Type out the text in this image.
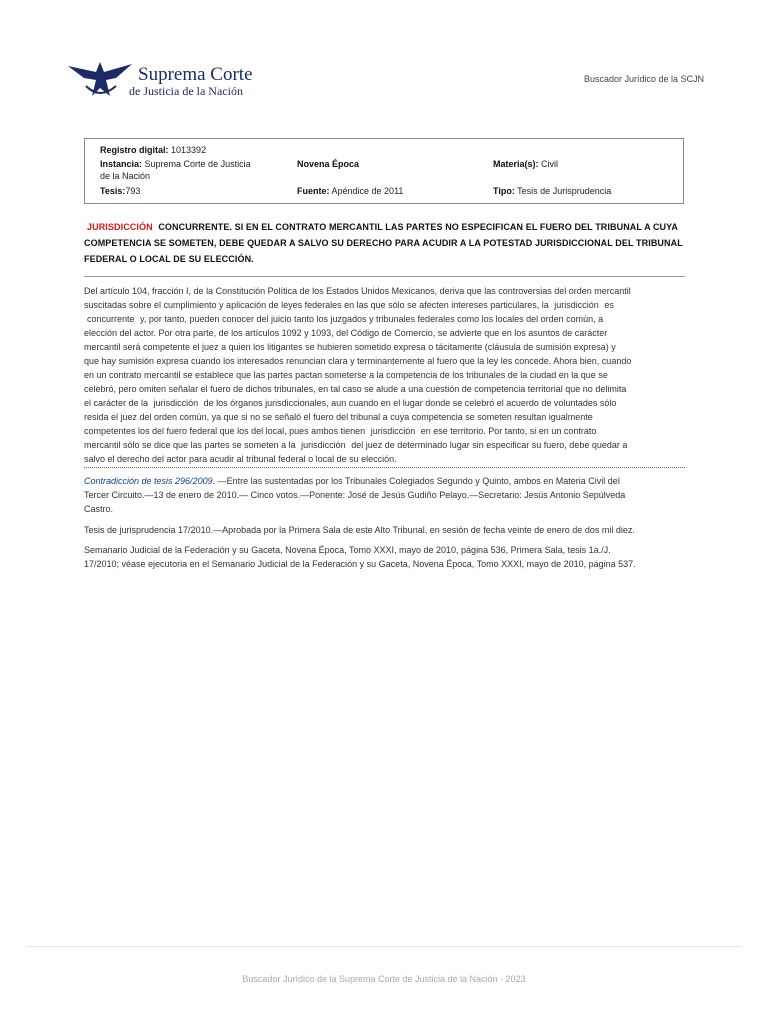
Suprema Corte
de Justicia de la Nación
Buscador Jurídico de la SCJN
Registro digital: 1013392
Instancia: Suprema Corte de Justicia
de la Nación
Tesis:793
Novena Época
Fuente: Apéndice de 2011
Materia(s): Civil
Tipo: Tesis de Jurisprudencia
JURISDICCIÓN CONCURRENTE. SI EN EL CONTRATO MERCANTIL LAS PARTES NO ESPECIFICAN EL FUERO DEL TRIBUNAL A CUYA
COMPETENCIA SE SOMETEN, DEBE QUEDAR A SALVO SU DERECHO PARA ACUDIR A LA POTESTAD JURISDICCIONAL DEL TRIBUNAL
FEDERAL O LOCAL DE SU ELECCIÓN.
Del artículo 104, fracción I, de la Constitución Política de los Estados Unidos Mexicanos, deriva que las controversias del orden mercantil
suscitadas sobre el cumplimiento y aplicación de leyes federales en las que sólo se afecten intereses particulares, la jurisdicción es
concurrente y, por tanto, pueden conocer del juicio tanto los juzgados y tribunales federales como los locales del orden común, a
elección del actor. Por otra parte, de los artículos 1092 y 1093, del Código de Comercio, se advierte que en los asuntos de carácter
mercantil será competente el juez a quien los litigantes se hubieren sometido expresa o tácitamente (cláusula de sumisión expresa) y
que hay sumisión expresa cuando los interesados renuncian clara y terminantemente al fuero que la ley les concede. Ahora bien, cuando
en un contrato mercantil se establece que las partes pactan someterse a la competencia de los tribunales de la ciudad en la que se
celebró, pero omiten señalar el fuero de dichos tribunales, en tal caso se alude a una cuestión de competencia territorial que no delimita
el carácter de la jurisdicción de los órganos jurisdiccionales, aun cuando en el lugar donde se celebró el acuerdo de voluntades sólo
resida el juez del orden común, ya que si no se señaló el fuero del tribunal a cuya competencia se someten resultan igualmente
competentes los del fuero federal que los del local, pues ambos tienen jurisdicción en ese territorio. Por tanto, si en un contrato
mercantil sólo se dice que las partes se someten a la jurisdicción del juez de determinado lugar sin especificar su fuero, debe quedar a
salvo el derecho del actor para acudir al tribunal federal o local de su elección.
Contradicción de tesis 296/2009. —Entre las sustentadas por los Tribunales Colegiados Segundo y Quinto, ambos en Materia Civil del
Tercer Circuito.—13 de enero de 2010.— Cinco votos.—Ponente: José de Jesús Gudiño Pelayo.—Secretario: Jesús Antonio Sepúlveda
Castro.
Tesis de jurisprudencia 17/2010.—Aprobada por la Primera Sala de este Alto Tribunal, en sesión de fecha veinte de enero de dos mil diez.
Semanario Judicial de la Federación y su Gaceta, Novena Época, Tomo XXXI, mayo de 2010, página 536, Primera Sala, tesis 1a./J.
17/2010; véase ejecutoria en el Semanario Judicial de la Federación y su Gaceta, Novena Época, Tomo XXXI, mayo de 2010, página 537.
Buscador Jurídico de la Suprema Corte de Justicia de la Nación - 2023
